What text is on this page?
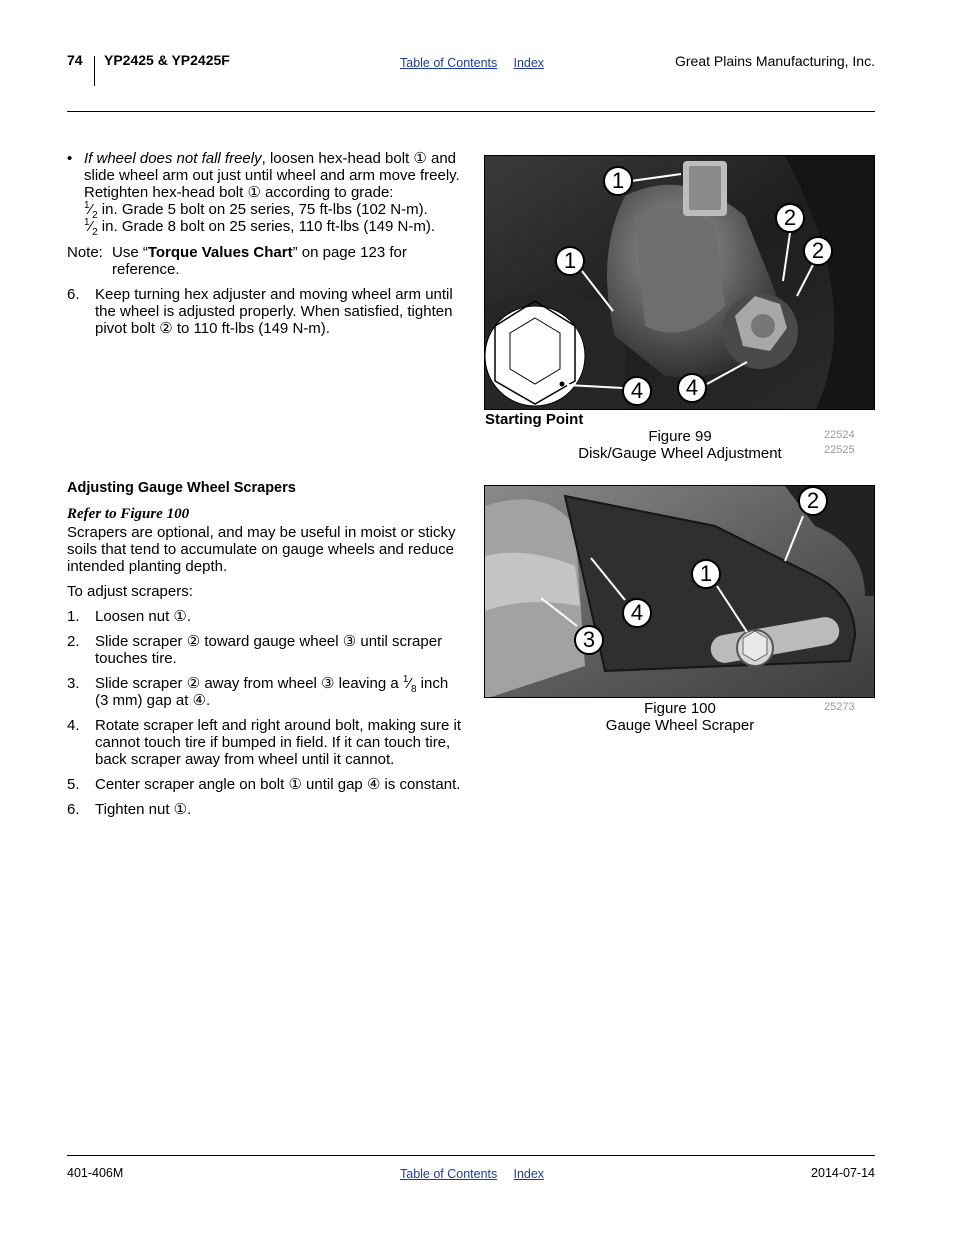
74 YP2425 & YP2425F	Table of Contents Index	Great Plains Manufacturing, Inc.
• If wheel does not fall freely, loosen hex-head bolt ① and slide wheel arm out just until wheel and arm move freely. Retighten hex-head bolt ① according to grade:
$^1⁄_2$ in. Grade 5 bolt on 25 series, 75 ft-lbs (102 N-m).
$^1⁄_2$ in. Grade 8 bolt on 25 series, 110 ft-lbs (149 N-m).
Note: Use “Torque Values Chart” on page 123 for reference.
6. Keep turning hex adjuster and moving wheel arm until the wheel is adjusted properly. When satisfied, tighten pivot bolt ② to 110 ft-lbs (149 N-m).
Adjusting Gauge Wheel Scrapers
Refer to Figure 100

Scrapers are optional, and may be useful in moist or sticky soils that tend to accumulate on gauge wheels and reduce intended planting depth.

To adjust scrapers:

1. Loosen nut ①.
2. Slide scraper ② toward gauge wheel ③ until scraper touches tire.
3. Slide scraper ② away from wheel ③ leaving a $^1⁄_8$ inch (3 mm) gap at ④.
4. Rotate scraper left and right around bolt, making sure it cannot touch tire if bumped in field. If it can touch tire, back scraper away from wheel until it cannot.
5. Center scraper angle on bolt ① until gap ④ is constant.
6. Tighten nut ①.
1
2
2
1
4	4
Starting Point
Figure 99
Disk/Gauge Wheel Adjustment
22524
22525
2
1
4
3
Figure 100
Gauge Wheel Scraper
25273
401-406M	Table of Contents Index	2014-07-14
